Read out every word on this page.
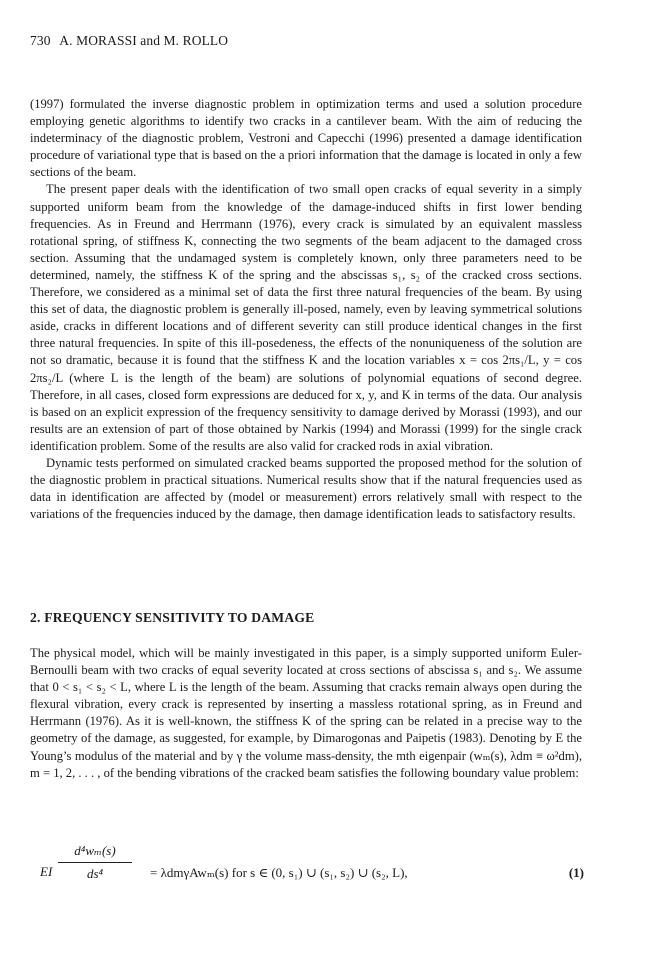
730 A. MORASSI and M. ROLLO

(1997) formulated the inverse diagnostic problem in optimization terms and used a solution procedure employing genetic algorithms to identify two cracks in a cantilever beam. With the aim of reducing the indeterminacy of the diagnostic problem, Vestroni and Capecchi (1996) presented a damage identification procedure of variational type that is based on the a priori information that the damage is located in only a few sections of the beam.

The present paper deals with the identification of two small open cracks of equal severity in a simply supported uniform beam from the knowledge of the damage-induced shifts in first lower bending frequencies. As in Freund and Herrmann (1976), every crack is simulated by an equivalent massless rotational spring, of stiffness K, connecting the two segments of the beam adjacent to the damaged cross section. Assuming that the undamaged system is completely known, only three parameters need to be determined, namely, the stiffness K of the spring and the abscissas s₁, s₂ of the cracked cross sections. Therefore, we considered as a minimal set of data the first three natural frequencies of the beam. By using this set of data, the diagnostic problem is generally ill-posed, namely, even by leaving symmetrical solutions aside, cracks in different locations and of different severity can still produce identical changes in the first three natural frequencies. In spite of this ill-posedeness, the effects of the nonuniqueness of the solution are not so dramatic, because it is found that the stiffness K and the location variables x = cos 2πs₁/L, y = cos 2πs₂/L (where L is the length of the beam) are solutions of polynomial equations of second degree. Therefore, in all cases, closed form expressions are deduced for x, y, and K in terms of the data. Our analysis is based on an explicit expression of the frequency sensitivity to damage derived by Morassi (1993), and our results are an extension of part of those obtained by Narkis (1994) and Morassi (1999) for the single crack identification problem. Some of the results are also valid for cracked rods in axial vibration.

Dynamic tests performed on simulated cracked beams supported the proposed method for the solution of the diagnostic problem in practical situations. Numerical results show that if the natural frequencies used as data in identification are affected by (model or measurement) errors relatively small with respect to the variations of the frequencies induced by the damage, then damage identification leads to satisfactory results.

2. FREQUENCY SENSITIVITY TO DAMAGE

The physical model, which will be mainly investigated in this paper, is a simply supported uniform Euler-Bernoulli beam with two cracks of equal severity located at cross sections of abscissa s₁ and s₂. We assume that 0 < s₁ < s₂ < L, where L is the length of the beam. Assuming that cracks remain always open during the flexural vibration, every crack is represented by inserting a massless rotational spring, as in Freund and Herrmann (1976). As it is well-known, the stiffness K of the spring can be related in a precise way to the geometry of the damage, as suggested, for example, by Dimarogonas and Paipetis (1983). Denoting by E the Young’s modulus of the material and by γ the volume mass-density, the mth eigenpair (wₘ(s), λdm ≡ ω²dm), m = 1, 2, . . . , of the bending vibrations of the cracked beam satisfies the following boundary value problem:

EI
d⁴wₘ(s)
ds⁴	= λdmγAwₘ(s) for s ∈ (0, s₁) ∪ (s₁, s₂) ∪ (s₂, L),	(1)
